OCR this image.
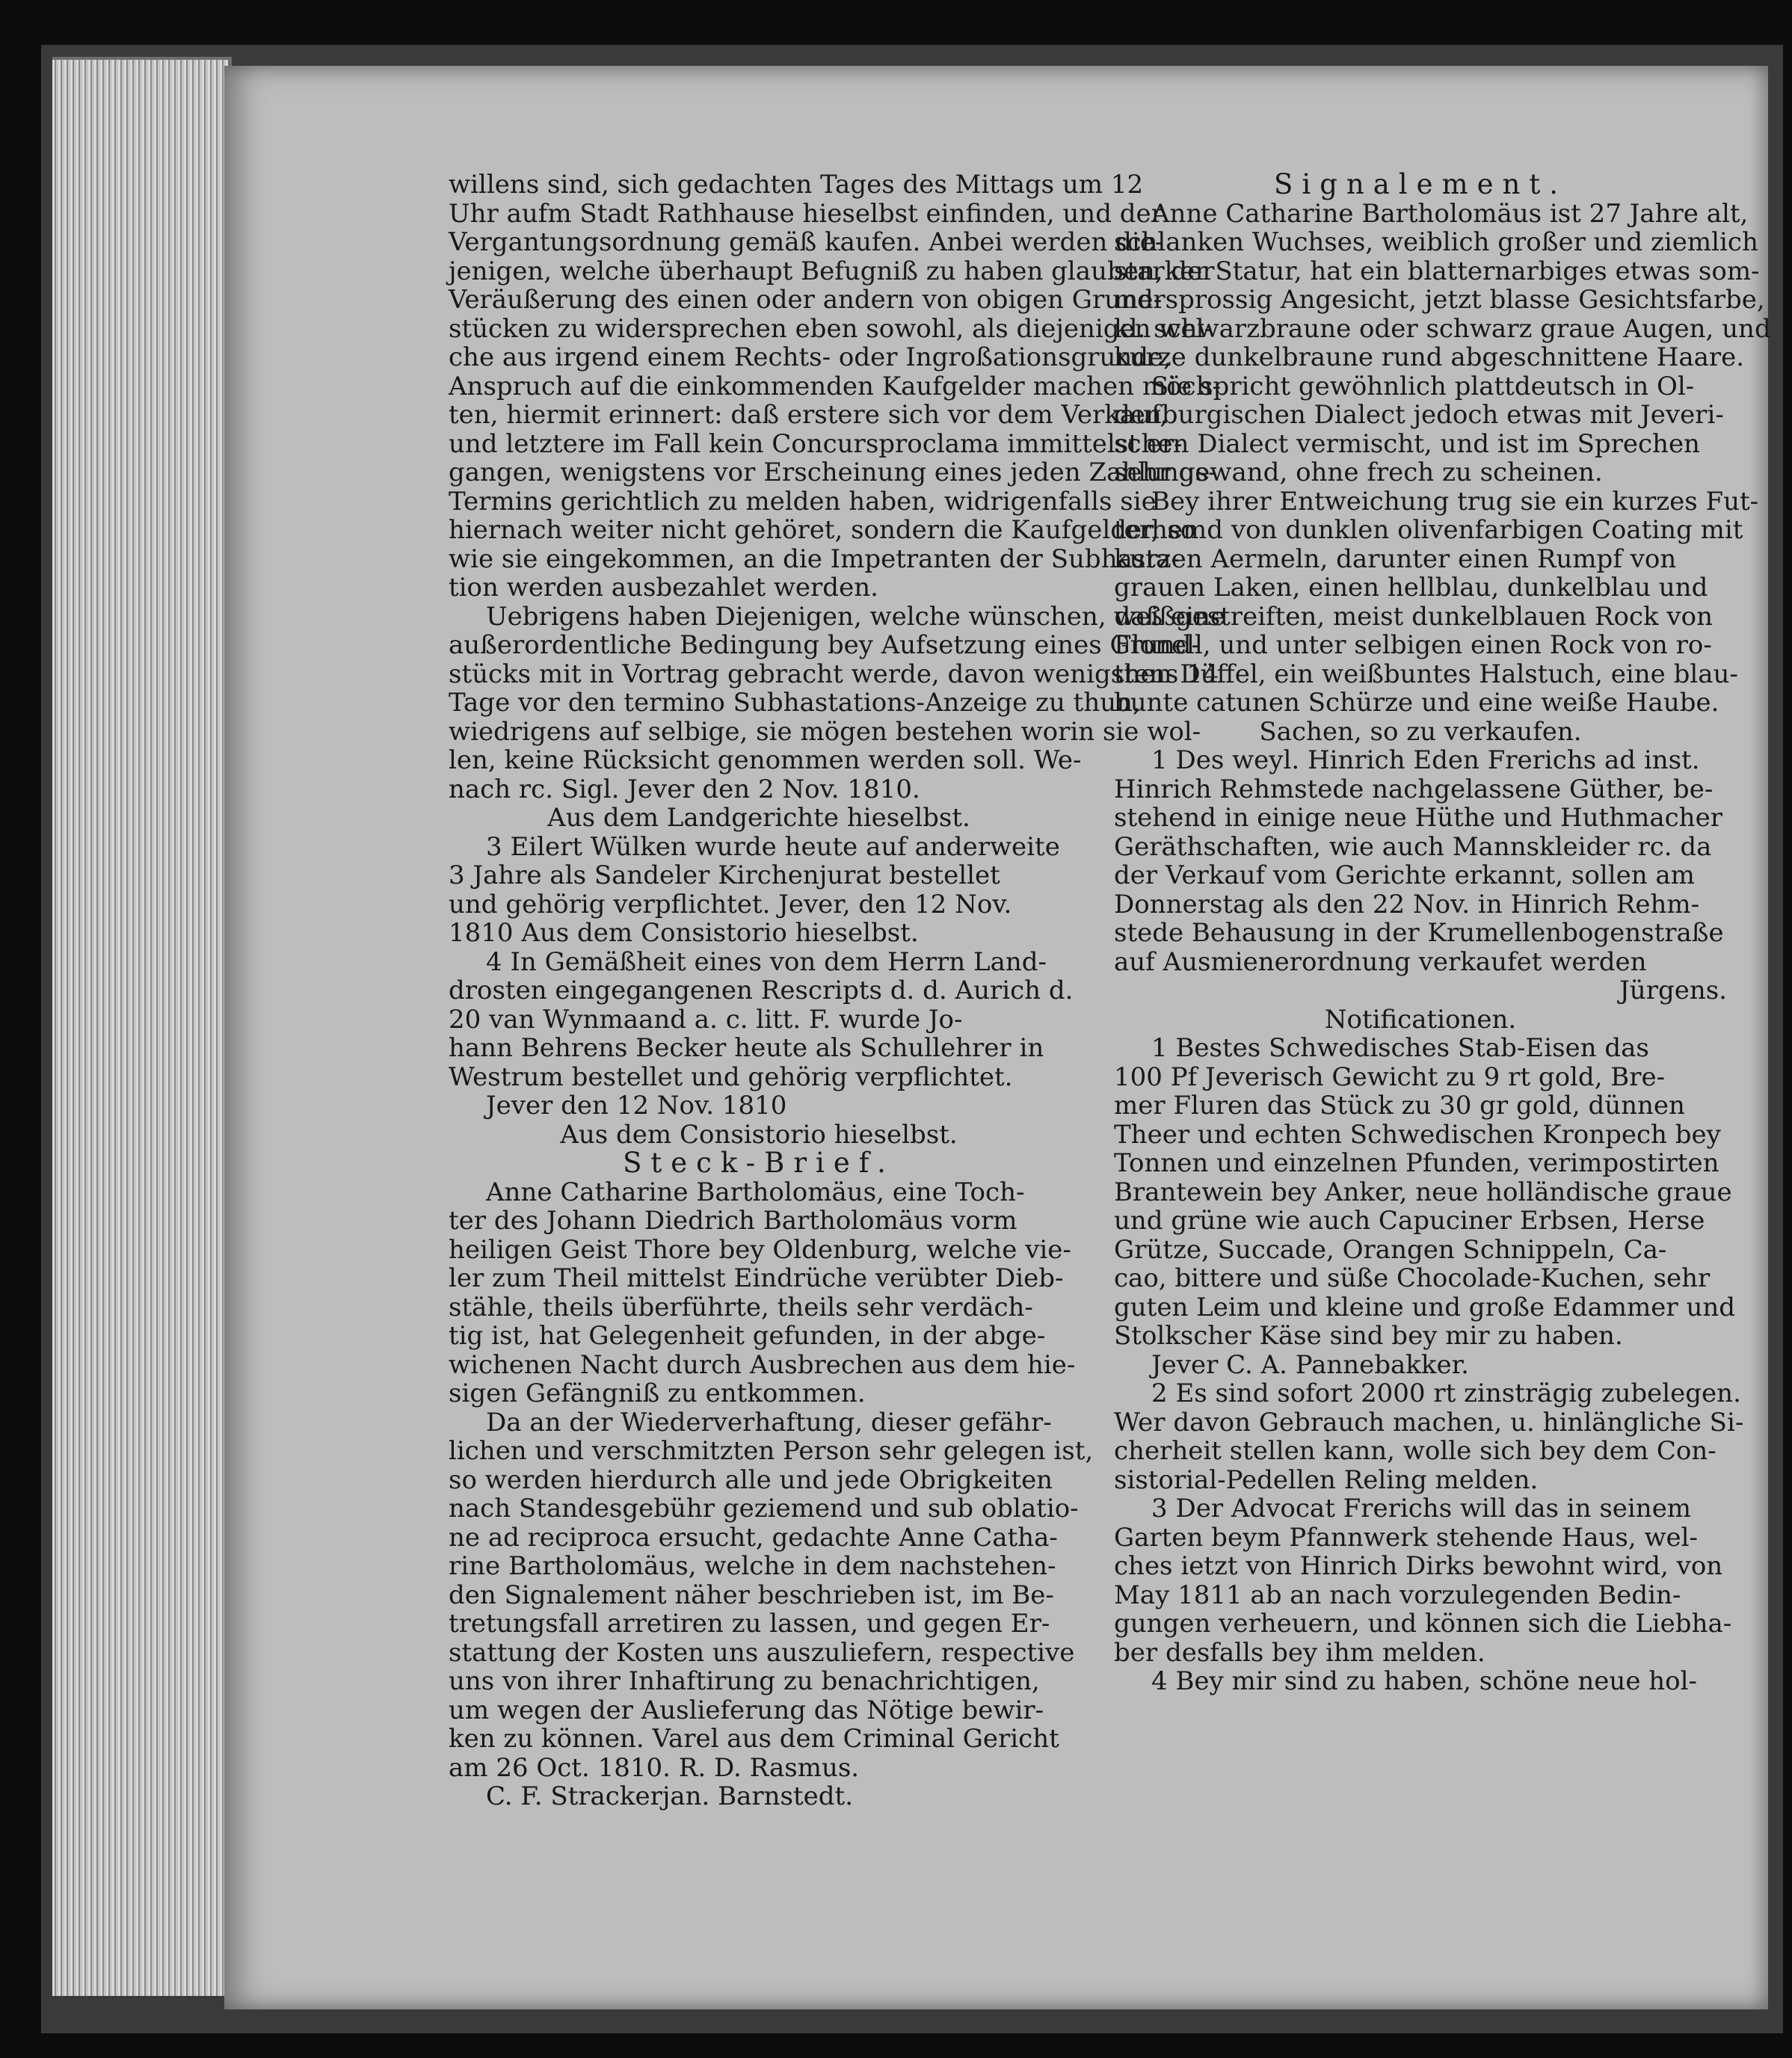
willens sind, sich gedachten Tages des Mittags um 12
Uhr aufm Stadt Rathhause hieselbst einfinden, und der
Vergantungsordnung gemäß kaufen. Anbei werden die-
jenigen, welche überhaupt Befugniß zu haben glauben, der
Veräußerung des einen oder andern von obigen Grund-
stücken zu widersprechen eben sowohl, als diejenigen wel-
che aus irgend einem Rechts- oder Ingroßationsgrunde,
Anspruch auf die einkommenden Kaufgelder machen möch-
ten, hiermit erinnert: daß erstere sich vor dem Verkauf,
und letztere im Fall kein Concursproclama immittelst er-
gangen, wenigstens vor Erscheinung eines jeden Zahlungs-
Termins gerichtlich zu melden haben, widrigenfalls sie
hiernach weiter nicht gehöret, sondern die Kaufgelder, so
wie sie eingekommen, an die Impetranten der Subhasta-
tion werden ausbezahlet werden.
Uebrigens haben Diejenigen, welche wünschen, daß eine
außerordentliche Bedingung bey Aufsetzung eines Grund-
stücks mit in Vortrag gebracht werde, davon wenigstens 14
Tage vor den termino Subhastations-Anzeige zu thun,
wiedrigens auf selbige, sie mögen bestehen worin sie wol-
len, keine Rücksicht genommen werden soll. We-
nach rc. Sigl. Jever den 2 Nov. 1810.
Aus dem Landgerichte hieselbst.
3 Eilert Wülken wurde heute auf anderweite
3 Jahre als Sandeler Kirchenjurat bestellet
und gehörig verpflichtet. Jever, den 12 Nov.
1810 Aus dem Consistorio hieselbst.
4 In Gemäßheit eines von dem Herrn Land-
drosten eingegangenen Rescripts d. d. Aurich d.
20 van Wynmaand a. c. litt. F. wurde Jo-
hann Behrens Becker heute als Schullehrer in
Westrum bestellet und gehörig verpflichtet.
Jever den 12 Nov. 1810
Aus dem Consistorio hieselbst.
Steck-Brief.
Anne Catharine Bartholomäus, eine Toch-
ter des Johann Diedrich Bartholomäus vorm
heiligen Geist Thore bey Oldenburg, welche vie-
ler zum Theil mittelst Eindrüche verübter Dieb-
stähle, theils überführte, theils sehr verdäch-
tig ist, hat Gelegenheit gefunden, in der abge-
wichenen Nacht durch Ausbrechen aus dem hie-
sigen Gefängniß zu entkommen.
Da an der Wiederverhaftung, dieser gefähr-
lichen und verschmitzten Person sehr gelegen ist,
so werden hierdurch alle und jede Obrigkeiten
nach Standesgebühr geziemend und sub oblatio-
ne ad reciproca ersucht, gedachte Anne Catha-
rine Bartholomäus, welche in dem nachstehen-
den Signalement näher beschrieben ist, im Be-
tretungsfall arretiren zu lassen, und gegen Er-
stattung der Kosten uns auszuliefern, respective
uns von ihrer Inhaftirung zu benachrichtigen,
um wegen der Auslieferung das Nötige bewir-
ken zu können. Varel aus dem Criminal Gericht
am 26 Oct. 1810. R. D. Rasmus.
C. F. Strackerjan. Barnstedt.
Signalement.
Anne Catharine Bartholomäus ist 27 Jahre alt,
schlanken Wuchses, weiblich großer und ziemlich
starker Statur, hat ein blatternarbiges etwas som-
mersprossig Angesicht, jetzt blasse Gesichtsfarbe,
kl. schwarzbraune oder schwarz graue Augen, und
kurze dunkelbraune rund abgeschnittene Haare.
Sie spricht gewöhnlich plattdeutsch in Ol-
denburgischen Dialect jedoch etwas mit Jeveri-
schen Dialect vermischt, und ist im Sprechen
sehr gewand, ohne frech zu scheinen.
Bey ihrer Entweichung trug sie ein kurzes Fut-
terhemd von dunklen olivenfarbigen Coating mit
kurzen Aermeln, darunter einen Rumpf von
grauen Laken, einen hellblau, dunkelblau und
weißgestreiften, meist dunkelblauen Rock von
Flonell, und unter selbigen einen Rock von ro-
then Düffel, ein weißbuntes Halstuch, eine blau-
bunte catunen Schürze und eine weiße Haube.
Sachen, so zu verkaufen.
1 Des weyl. Hinrich Eden Frerichs ad inst.
Hinrich Rehmstede nachgelassene Güther, be-
stehend in einige neue Hüthe und Huthmacher
Geräthschaften, wie auch Mannskleider rc. da
der Verkauf vom Gerichte erkannt, sollen am
Donnerstag als den 22 Nov. in Hinrich Rehm-
stede Behausung in der Krumellenbogenstraße
auf Ausmienerordnung verkaufet werden
Jürgens.
Notificationen.
1 Bestes Schwedisches Stab-Eisen das
100 Pf Jeverisch Gewicht zu 9 rt gold, Bre-
mer Fluren das Stück zu 30 gr gold, dünnen
Theer und echten Schwedischen Kronpech bey
Tonnen und einzelnen Pfunden, verimpostirten
Brantewein bey Anker, neue holländische graue
und grüne wie auch Capuciner Erbsen, Herse
Grütze, Succade, Orangen Schnippeln, Ca-
cao, bittere und süße Chocolade-Kuchen, sehr
guten Leim und kleine und große Edammer und
Stolkscher Käse sind bey mir zu haben.
Jever C. A. Pannebakker.
2 Es sind sofort 2000 rt zinsträgig zubelegen.
Wer davon Gebrauch machen, u. hinlängliche Si-
cherheit stellen kann, wolle sich bey dem Con-
sistorial-Pedellen Reling melden.
3 Der Advocat Frerichs will das in seinem
Garten beym Pfannwerk stehende Haus, wel-
ches ietzt von Hinrich Dirks bewohnt wird, von
May 1811 ab an nach vorzulegenden Bedin-
gungen verheuern, und können sich die Liebha-
ber desfalls bey ihm melden.
4 Bey mir sind zu haben, schöne neue hol-
